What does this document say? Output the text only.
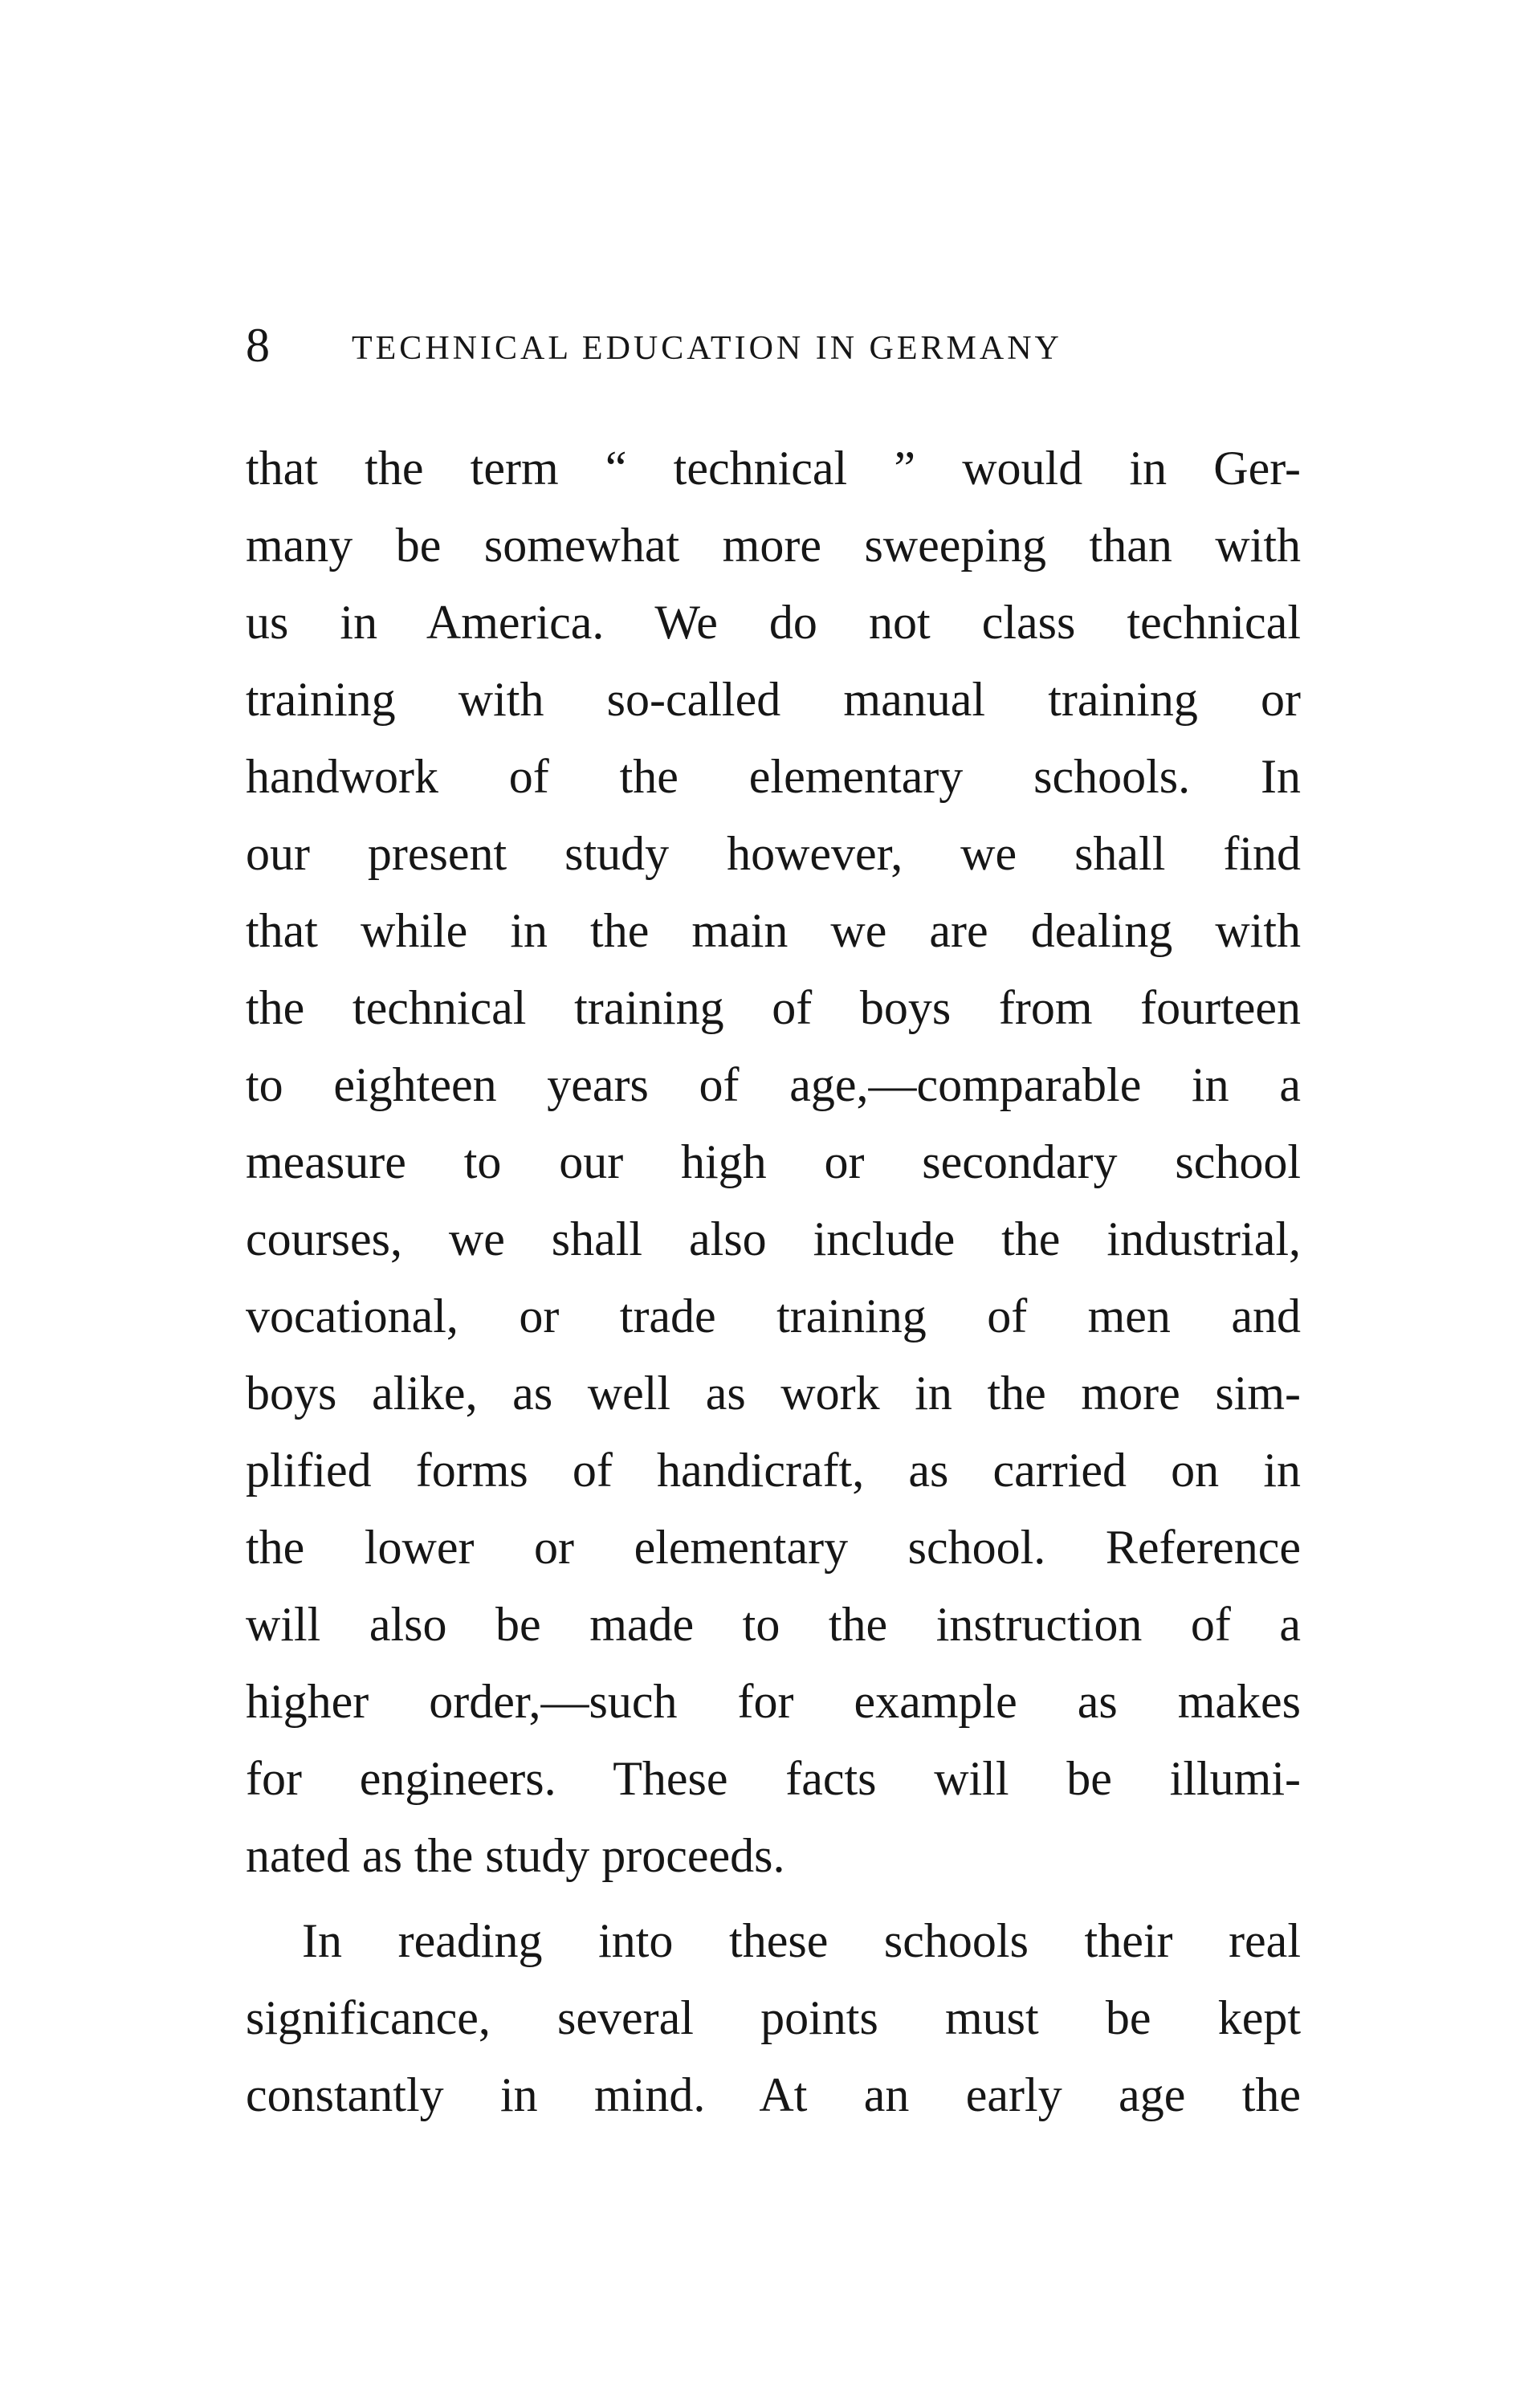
8 TECHNICAL EDUCATION IN GERMANY
that the term “ technical ” would in Ger-
many be somewhat more sweeping than with
us in America. We do not class technical
training with so-called manual training or
handwork of the elementary schools. In
our present study however, we shall find
that while in the main we are dealing with
the technical training of boys from fourteen
to eighteen years of age,—comparable in a
measure to our high or secondary school
courses, we shall also include the industrial,
vocational, or trade training of men and
boys alike, as well as work in the more sim-
plified forms of handicraft, as carried on in
the lower or elementary school. Reference
will also be made to the instruction of a
higher order,—such for example as makes
for engineers. These facts will be illumi-
nated as the study proceeds.
In reading into these schools their real
significance, several points must be kept
constantly in mind. At an early age the
